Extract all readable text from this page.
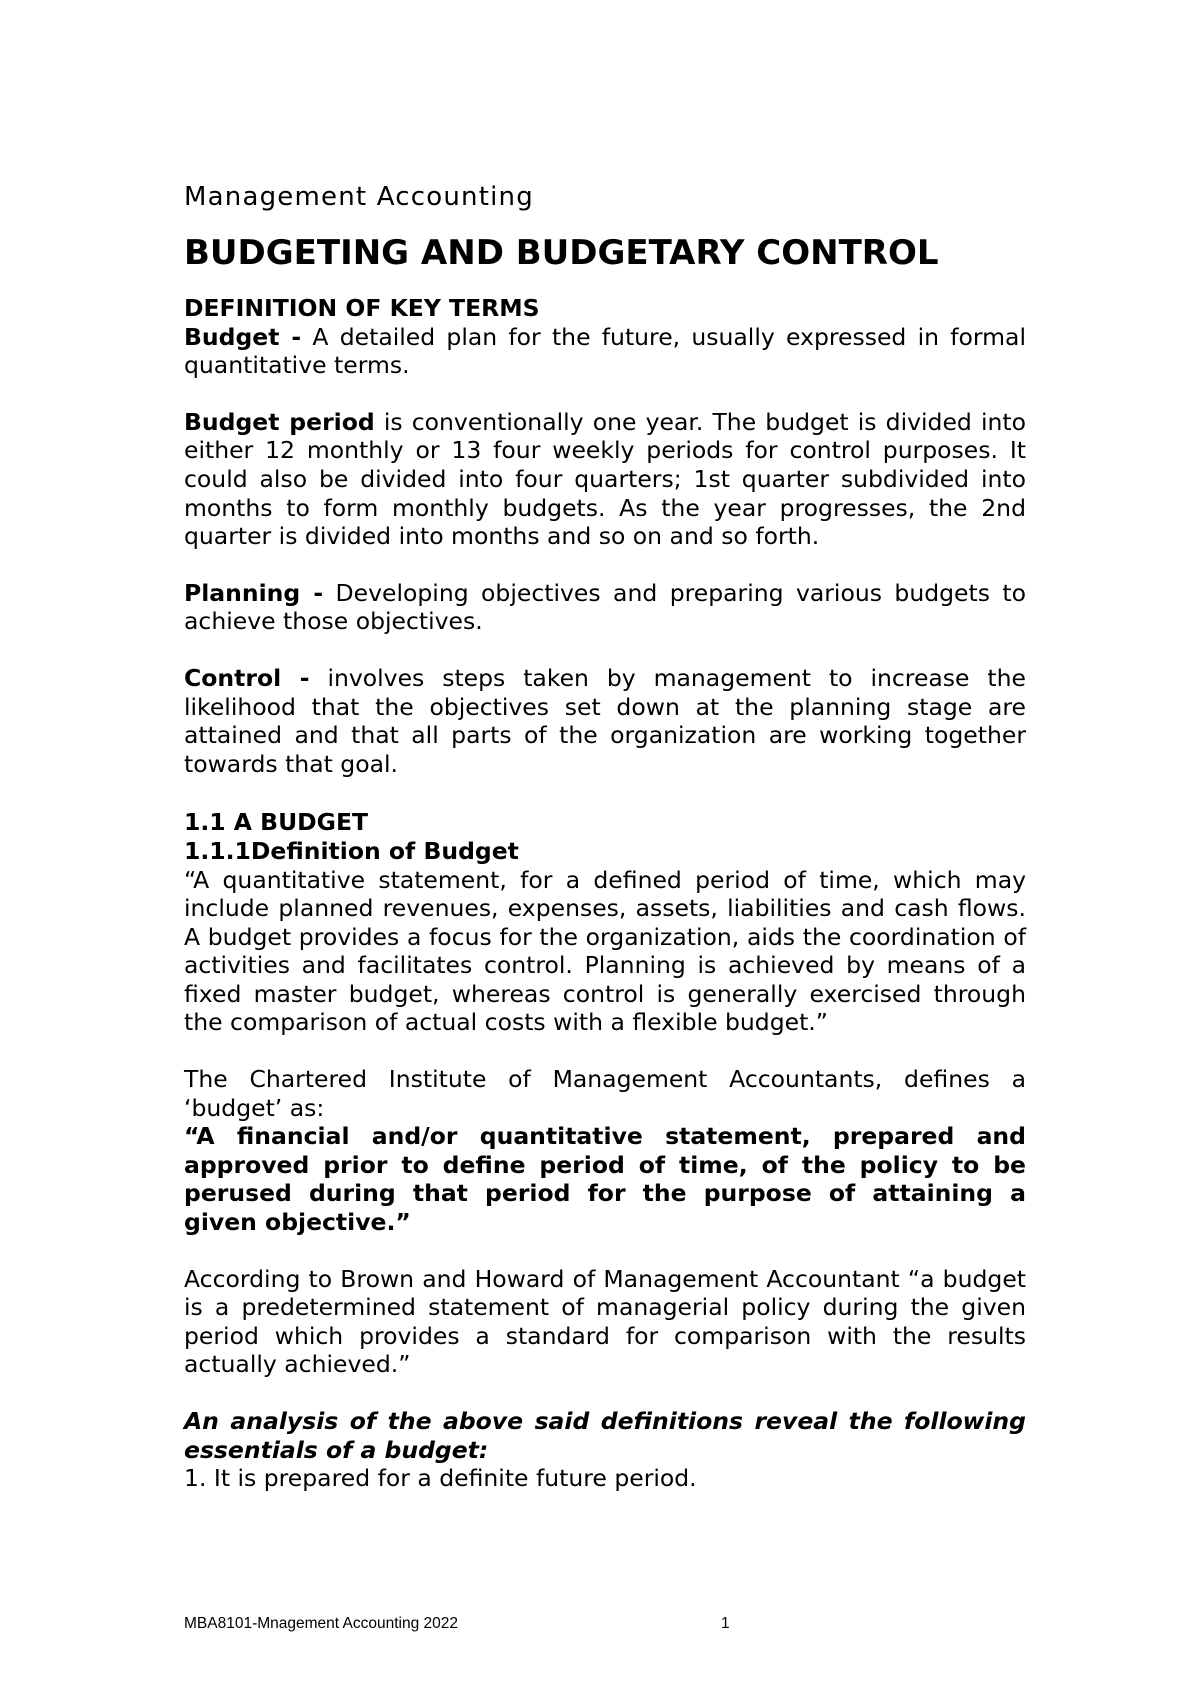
Management Accounting
BUDGETING AND BUDGETARY CONTROL
DEFINITION OF KEY TERMS

Budget - A detailed plan for the future, usually expressed in formal quantitative terms.

Budget period is conventionally one year. The budget is divided into either 12 monthly or 13 four weekly periods for control purposes. It could also be divided into four quarters; 1st quarter subdivided into months to form monthly budgets. As the year progresses, the 2nd quarter is divided into months and so on and so forth.

Planning - Developing objectives and preparing various budgets to achieve those objectives.

Control - involves steps taken by management to increase the likelihood that the objectives set down at the planning stage are attained and that all parts of the organization are working together towards that goal.

1.1 A BUDGET
1.1.1Definition of Budget

“A quantitative statement, for a defined period of time, which may include planned revenues, expenses, assets, liabilities and cash flows. A budget provides a focus for the organization, aids the coordination of activities and facilitates control. Planning is achieved by means of a fixed master budget, whereas control is generally exercised through the comparison of actual costs with a flexible budget.”

The Chartered Institute of Management Accountants, defines a ‘budget’ as:

“A financial and/or quantitative statement, prepared and approved prior to define period of time, of the policy to be perused during that period for the purpose of attaining a given objective.”

According to Brown and Howard of Management Accountant “a budget is a predetermined statement of managerial policy during the given period which provides a standard for comparison with the results actually achieved.”

An analysis of the above said definitions reveal the following essentials of a budget:

1. It is prepared for a definite future period.

MBA8101-Mnagement Accounting 2022	1
